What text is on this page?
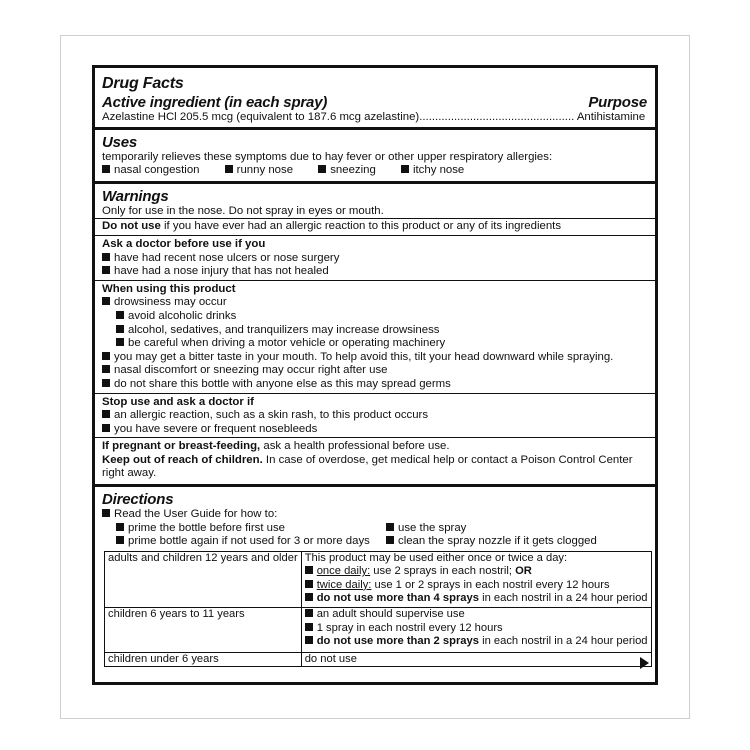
Drug Facts
Active ingredient (in each spray)	Purpose
Azelastine HCl 205.5 mcg (equivalent to 187.6 mcg azelastine)................................................. Antihistamine
Uses
temporarily relieves these symptoms due to hay fever or other upper respiratory allergies:
nasal congestion	runny nose	sneezing	itchy nose
Warnings
Only for use in the nose. Do not spray in eyes or mouth.
Do not use if you have ever had an allergic reaction to this product or any of its ingredients
Ask a doctor before use if you
have had recent nose ulcers or nose surgery
have had a nose injury that has not healed
When using this product
drowsiness may occur
avoid alcoholic drinks
alcohol, sedatives, and tranquilizers may increase drowsiness
be careful when driving a motor vehicle or operating machinery
you may get a bitter taste in your mouth. To help avoid this, tilt your head downward while spraying.
nasal discomfort or sneezing may occur right after use
do not share this bottle with anyone else as this may spread germs
Stop use and ask a doctor if
an allergic reaction, such as a skin rash, to this product occurs
you have severe or frequent nosebleeds
If pregnant or breast-feeding, ask a health professional before use.
Keep out of reach of children. In case of overdose, get medical help or contact a Poison Control Center
right away.
Directions
Read the User Guide for how to:
prime the bottle before first use
prime bottle again if not used for 3 or more days
use the spray
clean the spray nozzle if it gets clogged
adults and children 12 years and older	This product may be used either once or twice a day:
once daily: use 2 sprays in each nostril; OR
twice daily: use 1 or 2 sprays in each nostril every 12 hours
do not use more than 4 sprays in each nostril in a 24 hour period

children 6 years to 11 years	an adult should supervise use
1 spray in each nostril every 12 hours
do not use more than 2 sprays in each nostril in a 24 hour period

children under 6 years	do not use
